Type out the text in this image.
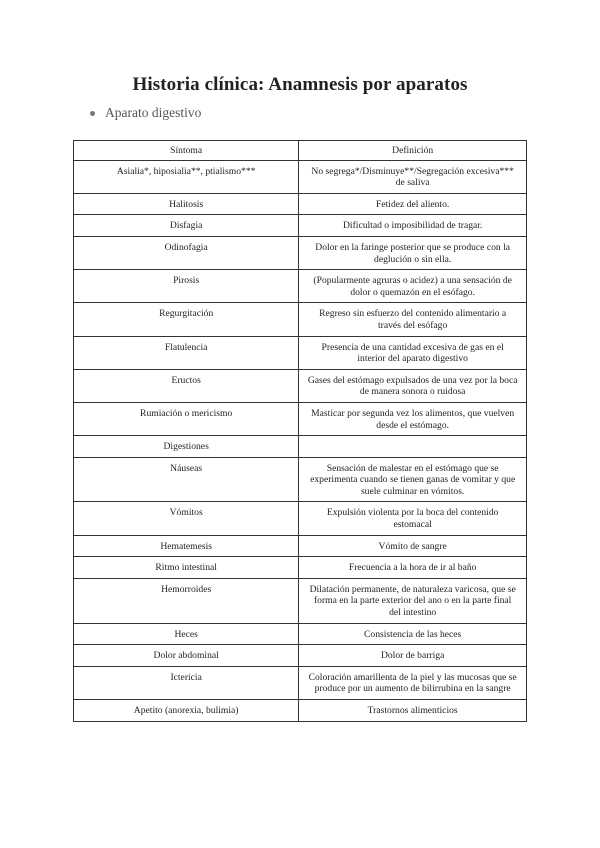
Historia clínica: Anamnesis por aparatos
Aparato digestivo
Síntoma	Definición
Asialia*, hiposialia**, ptialismo***	No segrega*/Disminuye**/Segregación excesiva*** de saliva
Halitosis	Fetidez del aliento.
Disfagia	Dificultad o imposibilidad de tragar.
Odinofagia	Dolor en la faringe posterior que se produce con la deglución o sin ella.
Pirosis	(Popularmente agruras o acidez) a una sensación de dolor o quemazón en el esófago.
Regurgitación	Regreso sin esfuerzo del contenido alimentario a través del esófago
Flatulencia	Presencia de una cantidad excesiva de gas en el interior del aparato digestivo
Eructos	Gases del estómago expulsados de una vez por la boca de manera sonora o ruidosa
Rumiación o mericismo	Masticar por segunda vez los alimentos, que vuelven desde el estómago.
Digestiones	
Náuseas	Sensación de malestar en el estómago que se experimenta cuando se tienen ganas de vomitar y que suele culminar en vómitos.
Vómitos	Expulsión violenta por la boca del contenido estomacal
Hematemesis	Vómito de sangre
Ritmo intestinal	Frecuencia a la hora de ir al baño
Hemorroides	Dilatación permanente, de naturaleza varicosa, que se forma en la parte exterior del ano o en la parte final del intestino
Heces	Consistencia de las heces
Dolor abdominal	Dolor de barriga
Ictericia	Coloración amarillenta de la piel y las mucosas que se produce por un aumento de bilirrubina en la sangre
Apetito (anorexia, bulimia)	Trastornos alimenticios
